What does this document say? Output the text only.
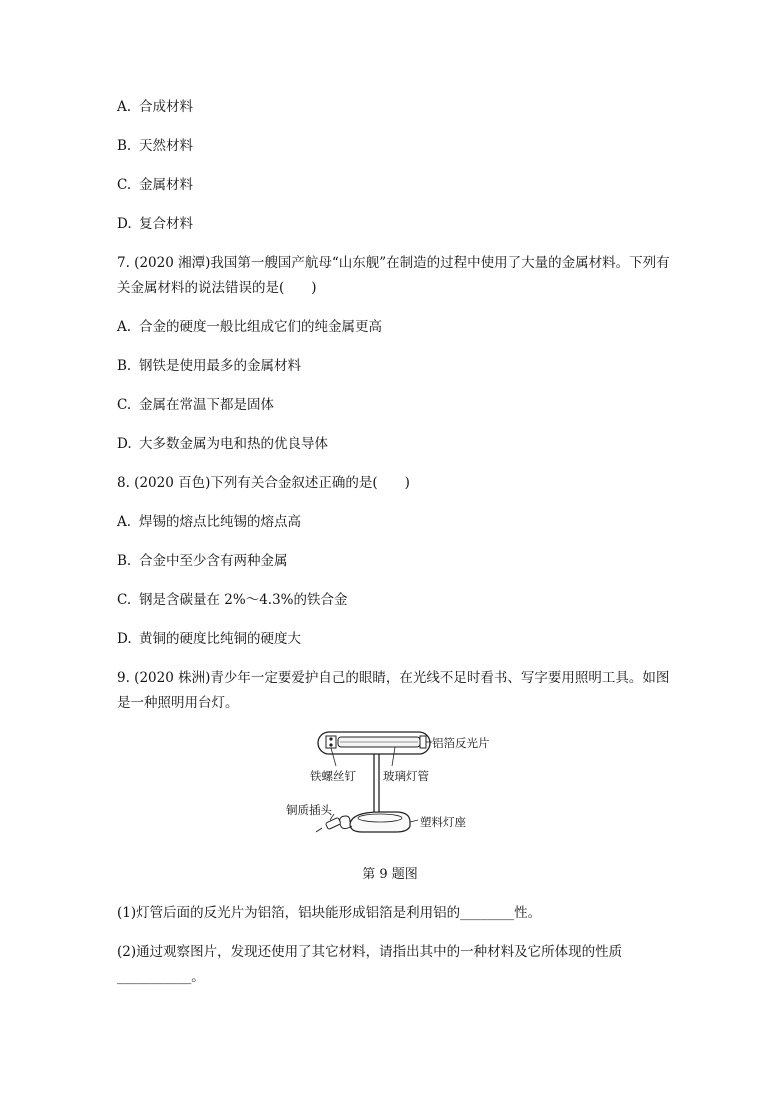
A. 合成材料
B. 天然材料
C. 金属材料
D. 复合材料
7. (2020 湘潭)我国第一艘国产航母“山东舰”在制造的过程中使用了大量的金属材料。下列有
关金属材料的说法错误的是(　　)
A. 合金的硬度一般比组成它们的纯金属更高
B. 钢铁是使用最多的金属材料
C. 金属在常温下都是固体
D. 大多数金属为电和热的优良导体
8. (2020 百色)下列有关合金叙述正确的是(　　)
A. 焊锡的熔点比纯锡的熔点高
B. 合金中至少含有两种金属
C. 钢是含碳量在 2%～4.3%的铁合金
D. 黄铜的硬度比纯铜的硬度大
9. (2020 株洲)青少年一定要爱护自己的眼睛，在光线不足时看书、写字要用照明工具。如图
是一种照明用台灯。
铝箔反光片
铁螺丝钉 玻璃灯管
铜质插头
塑料灯座
第 9 题图
(1)灯管后面的反光片为铝箔，铝块能形成铝箔是利用铝的________性。
(2)通过观察图片，发现还使用了其它材料，请指出其中的一种材料及它所体现的性质
___________。
